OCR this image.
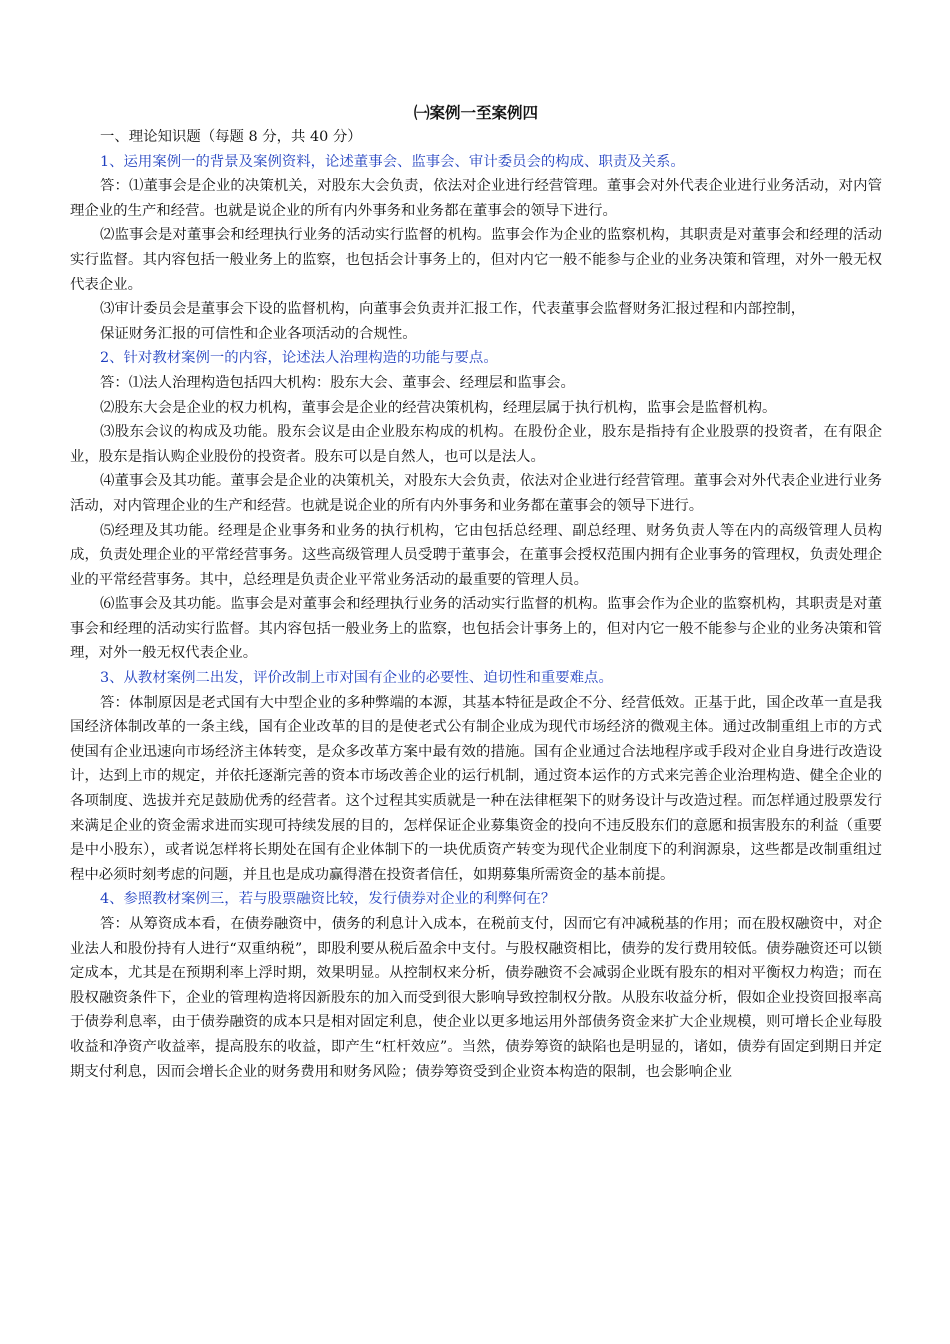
㈠案例一至案例四

一、理论知识题（每题 8 分，共 40 分）

1、运用案例一的背景及案例资料，论述董事会、监事会、审计委员会的构成、职责及关系。

答：⑴董事会是企业的决策机关，对股东大会负责，依法对企业进行经营管理。董事会对外代表企业进行业务活动，对内管理企业的生产和经营。也就是说企业的所有内外事务和业务都在董事会的领导下进行。

⑵监事会是对董事会和经理执行业务的活动实行监督的机构。监事会作为企业的监察机构，其职责是对董事会和经理的活动实行监督。其内容包括一般业务上的监察，也包括会计事务上的，但对内它一般不能参与企业的业务决策和管理，对外一般无权代表企业。

⑶审计委员会是董事会下设的监督机构，向董事会负责并汇报工作，代表董事会监督财务汇报过程和内部控制，

保证财务汇报的可信性和企业各项活动的合规性。

2、针对教材案例一的内容，论述法人治理构造的功能与要点。

答：⑴法人治理构造包括四大机构：股东大会、董事会、经理层和监事会。

⑵股东大会是企业的权力机构，董事会是企业的经营决策机构，经理层属于执行机构，监事会是监督机构。

⑶股东会议的构成及功能。股东会议是由企业股东构成的机构。在股份企业，股东是指持有企业股票的投资者，在有限企业，股东是指认购企业股份的投资者。股东可以是自然人，也可以是法人。

⑷董事会及其功能。董事会是企业的决策机关，对股东大会负责，依法对企业进行经营管理。董事会对外代表企业进行业务活动，对内管理企业的生产和经营。也就是说企业的所有内外事务和业务都在董事会的领导下进行。

⑸经理及其功能。经理是企业事务和业务的执行机构，它由包括总经理、副总经理、财务负责人等在内的高级管理人员构成，负责处理企业的平常经营事务。这些高级管理人员受聘于董事会，在董事会授权范围内拥有企业事务的管理权，负责处理企业的平常经营事务。其中，总经理是负责企业平常业务活动的最重要的管理人员。

⑹监事会及其功能。监事会是对董事会和经理执行业务的活动实行监督的机构。监事会作为企业的监察机构，其职责是对董事会和经理的活动实行监督。其内容包括一般业务上的监察，也包括会计事务上的，但对内它一般不能参与企业的业务决策和管理，对外一般无权代表企业。

3、从教材案例二出发，评价改制上市对国有企业的必要性、迫切性和重要难点。

答：体制原因是老式国有大中型企业的多种弊端的本源，其基本特征是政企不分、经营低效。正基于此，国企改革一直是我国经济体制改革的一条主线，国有企业改革的目的是使老式公有制企业成为现代市场经济的微观主体。通过改制重组上市的方式使国有企业迅速向市场经济主体转变，是众多改革方案中最有效的措施。国有企业通过合法地程序或手段对企业自身进行改造设计，达到上市的规定，并依托逐渐完善的资本市场改善企业的运行机制，通过资本运作的方式来完善企业治理构造、健全企业的各项制度、选拔并充足鼓励优秀的经营者。这个过程其实质就是一种在法律框架下的财务设计与改造过程。而怎样通过股票发行来满足企业的资金需求进而实现可持续发展的目的，怎样保证企业募集资金的投向不违反股东们的意愿和损害股东的利益（重要是中小股东），或者说怎样将长期处在国有企业体制下的一块优质资产转变为现代企业制度下的利润源泉，这些都是改制重组过程中必须时刻考虑的问题，并且也是成功赢得潜在投资者信任，如期募集所需资金的基本前提。

4、参照教材案例三，若与股票融资比较，发行债券对企业的利弊何在？

答：从筹资成本看，在债券融资中，债务的利息计入成本，在税前支付，因而它有冲减税基的作用；而在股权融资中，对企业法人和股份持有人进行“双重纳税”，即股利要从税后盈余中支付。与股权融资相比，债券的发行费用较低。债券融资还可以锁定成本，尤其是在预期利率上浮时期，效果明显。从控制权来分析，债券融资不会减弱企业既有股东的相对平衡权力构造；而在股权融资条件下，企业的管理构造将因新股东的加入而受到很大影响导致控制权分散。从股东收益分析，假如企业投资回报率高于债券利息率，由于债券融资的成本只是相对固定利息，使企业以更多地运用外部债务资金来扩大企业规模，则可增长企业每股收益和净资产收益率，提高股东的收益，即产生“杠杆效应”。当然，债券筹资的缺陷也是明显的，诸如，债券有固定到期日并定期支付利息，因而会增长企业的财务费用和财务风险；债券筹资受到企业资本构造的限制，也会影响企业
